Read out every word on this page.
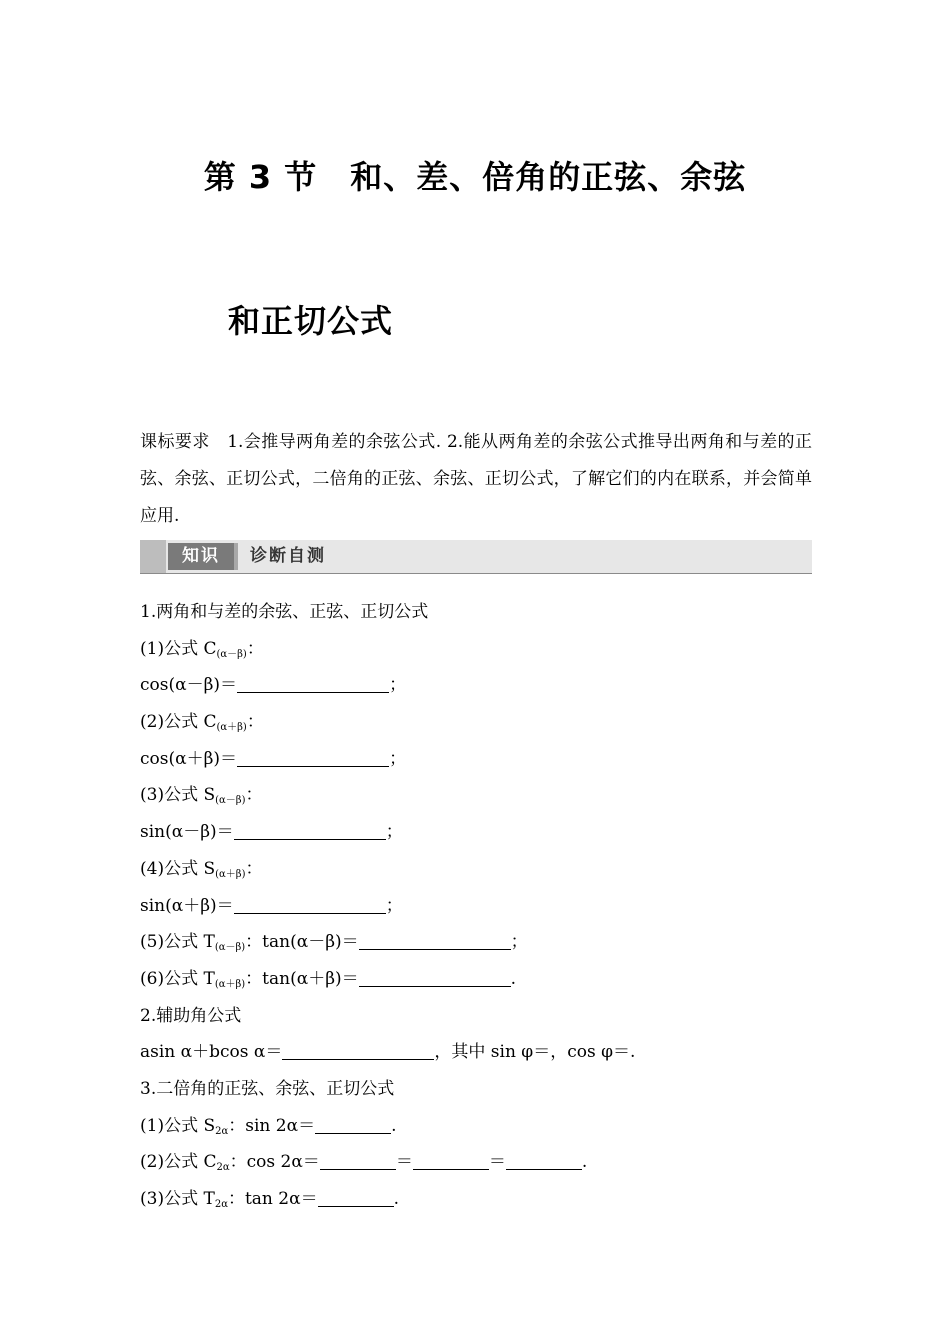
第 3 节　和、差、倍角的正弦、余弦
和正切公式
课标要求　1.会推导两角差的余弦公式. 2.能从两角差的余弦公式推导出两角和与差的正弦、余弦、正切公式，二倍角的正弦、余弦、正切公式，了解它们的内在联系，并会简单应用.
知识	诊断自测
1.两角和与差的余弦、正弦、正切公式
(1)公式 C(α－β)：
cos(α－β)＝	；
(2)公式 C(α＋β)：
cos(α＋β)＝	；
(3)公式 S(α－β)：
sin(α－β)＝	；
(4)公式 S(α＋β)：
sin(α＋β)＝	；
(5)公式 T(α－β)：tan(α－β)＝	；
(6)公式 T(α＋β)：tan(α＋β)＝	.
2.辅助角公式
asin α＋bcos α＝	，其中 sin φ＝，cos φ＝.
3.二倍角的正弦、余弦、正切公式
(1)公式 S2α：sin 2α＝	.
(2)公式 C2α：cos 2α＝	＝	＝	.
(3)公式 T2α：tan 2α＝	.
